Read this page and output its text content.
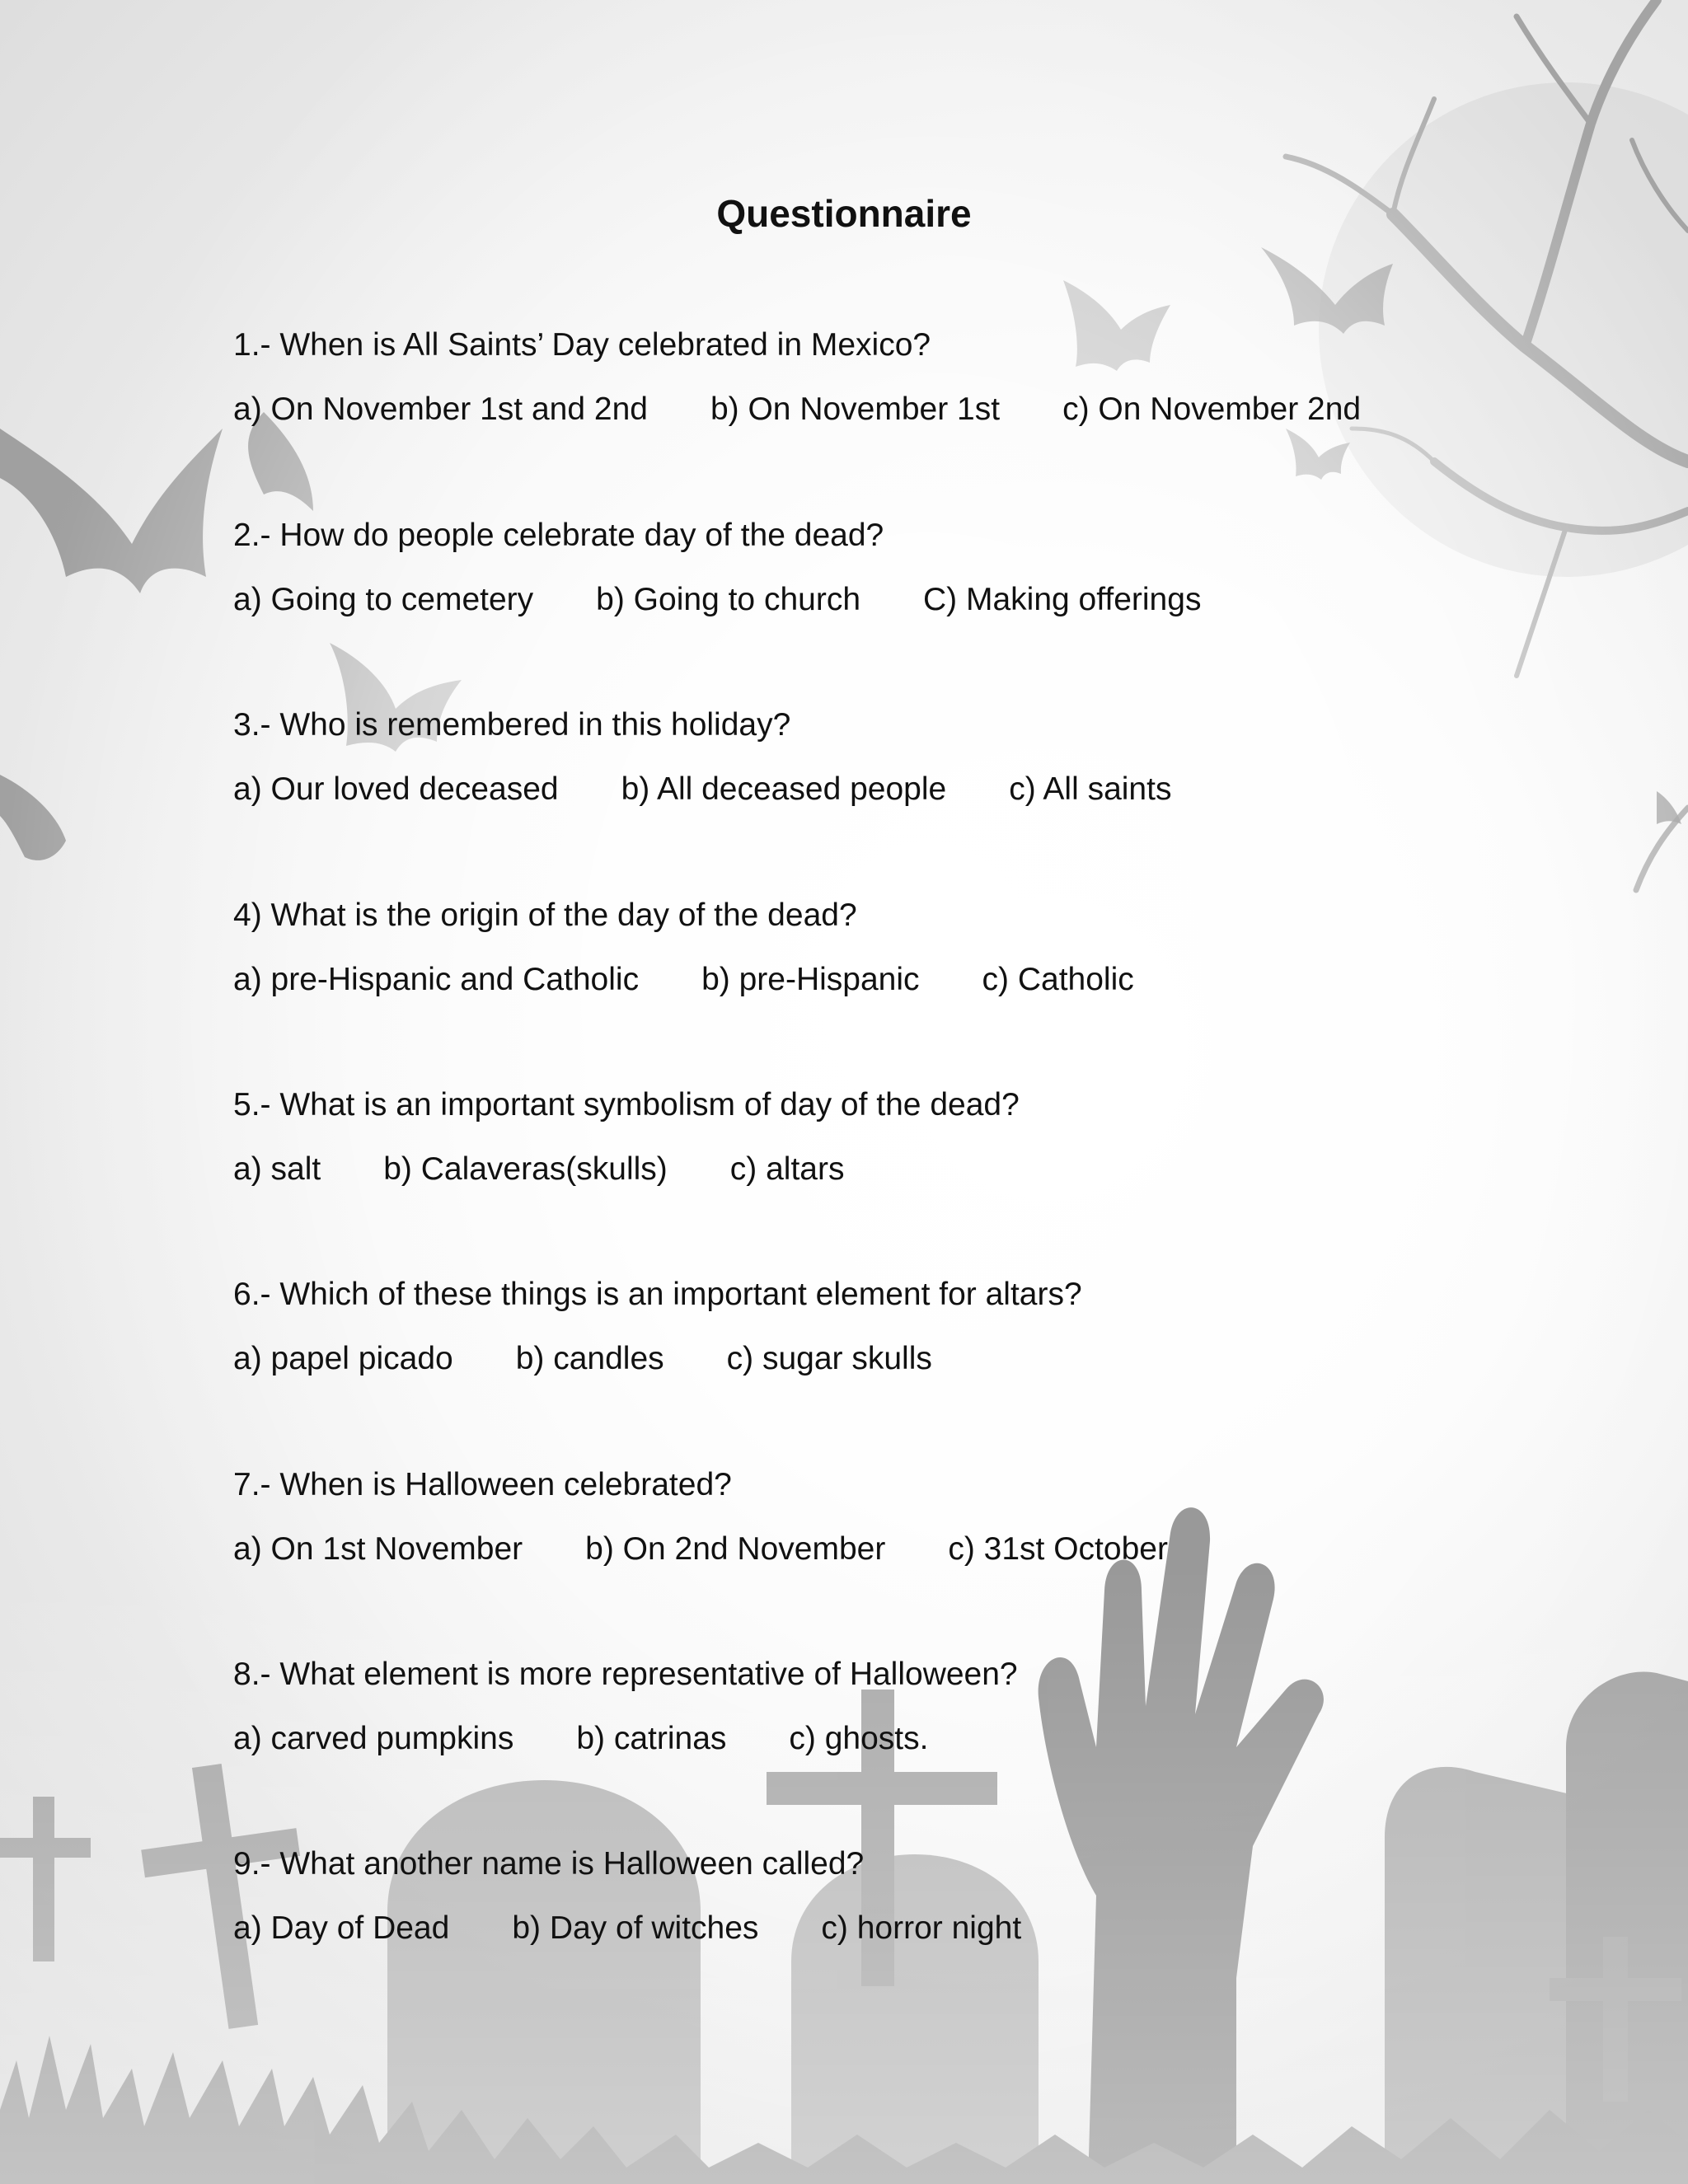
Questionnaire
1.- When is All Saints’ Day celebrated in Mexico?
a) On November 1st and 2nd b) On November 1st c) On November 2nd
2.- How do people celebrate day of the dead?
a) Going to cemetery b) Going to church C) Making offerings
3.- Who is remembered in this holiday?
a) Our loved deceased b) All deceased people c) All saints
4) What is the origin of the day of the dead?
a) pre-Hispanic and Catholic b) pre-Hispanic c) Catholic
5.- What is an important symbolism of day of the dead?
a) salt b) Calaveras(skulls) c) altars
6.- Which of these things is an important element for altars?
a) papel picado b) candles c) sugar skulls
7.- When is Halloween celebrated?
a) On 1st November b) On 2nd November c) 31st October
8.- What element is more representative of Halloween?
a) carved pumpkins b) catrinas c) ghosts.
9.- What another name is Halloween called?
a) Day of Dead b) Day of witches c) horror night
